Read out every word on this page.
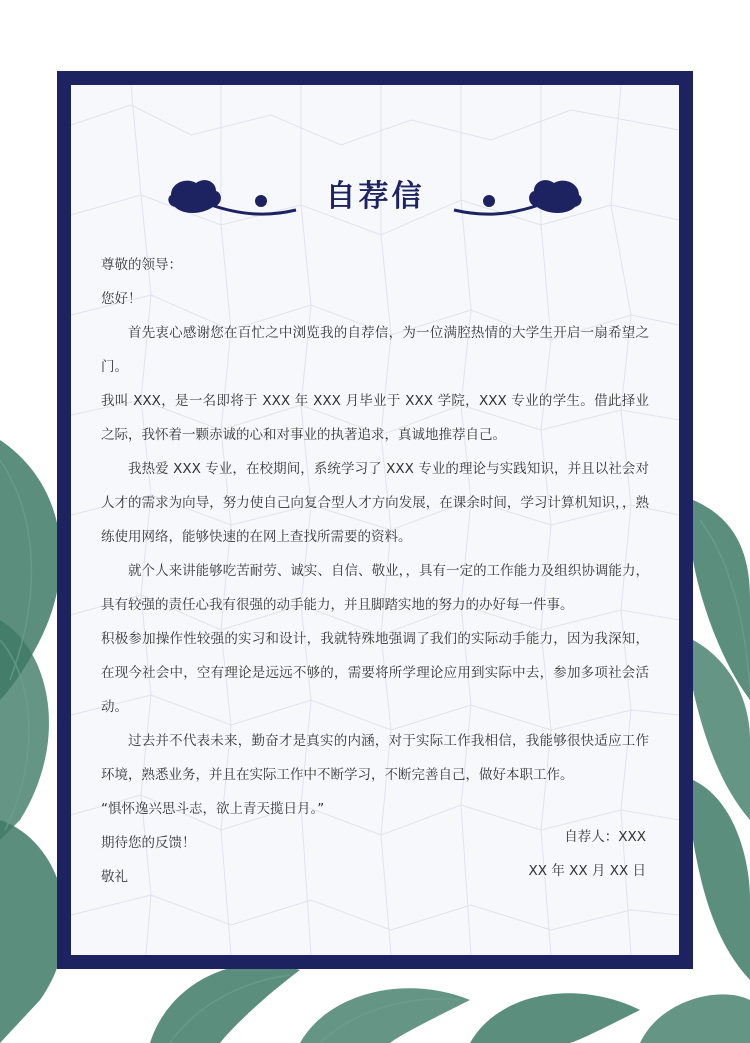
自荐信

尊敬的领导：

您好！

首先衷心感谢您在百忙之中浏览我的自荐信，为一位满腔热情的大学生开启一扇希望之门。

我叫 XXX，是一名即将于 XXX 年 XXX 月毕业于 XXX 学院，XXX 专业的学生。借此择业之际，我怀着一颗赤诚的心和对事业的执著追求，真诚地推荐自己。

我热爱 XXX 专业，在校期间，系统学习了 XXX 专业的理论与实践知识，并且以社会对人才的需求为向导，努力使自己向复合型人才方向发展，在课余时间，学习计算机知识，，熟练使用网络，能够快速的在网上查找所需要的资料。

就个人来讲能够吃苦耐劳、诚实、自信、敬业，，具有一定的工作能力及组织协调能力，具有较强的责任心我有很强的动手能力，并且脚踏实地的努力的办好每一件事。

积极参加操作性较强的实习和设计，我就特殊地强调了我们的实际动手能力，因为我深知，在现今社会中，空有理论是远远不够的，需要将所学理论应用到实际中去，参加多项社会活动。

过去并不代表未来，勤奋才是真实的内涵，对于实际工作我相信，我能够很快适应工作环境，熟悉业务，并且在实际工作中不断学习，不断完善自己，做好本职工作。

“惧怀逸兴思斗志，欲上青天揽日月。”

期待您的反馈！

敬礼

自荐人：XXX
XX 年 XX 月 XX 日
